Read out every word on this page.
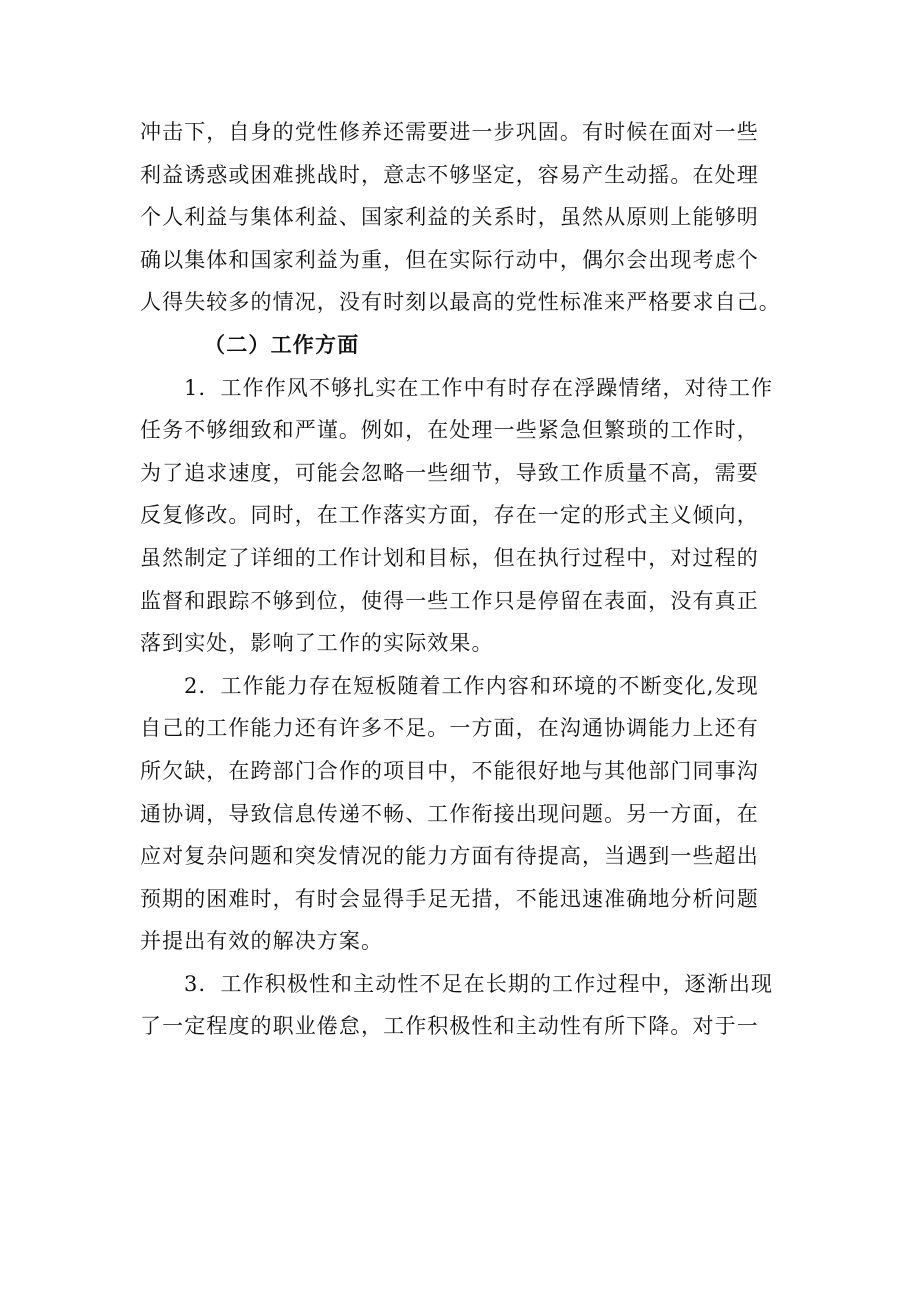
冲击下，自身的党性修养还需要进一步巩固。有时候在面对一些
利益诱惑或困难挑战时，意志不够坚定，容易产生动摇。在处理
个人利益与集体利益、国家利益的关系时，虽然从原则上能够明
确以集体和国家利益为重，但在实际行动中，偶尔会出现考虑个
人得失较多的情况，没有时刻以最高的党性标准来严格要求自己。
（二）工作方面
1．工作作风不够扎实在工作中有时存在浮躁情绪，对待工作
任务不够细致和严谨。例如，在处理一些紧急但繁琐的工作时，
为了追求速度，可能会忽略一些细节，导致工作质量不高，需要
反复修改。同时，在工作落实方面，存在一定的形式主义倾向，
虽然制定了详细的工作计划和目标，但在执行过程中，对过程的
监督和跟踪不够到位，使得一些工作只是停留在表面，没有真正
落到实处，影响了工作的实际效果。
2．工作能力存在短板随着工作内容和环境的不断变化,发现
自己的工作能力还有许多不足。一方面，在沟通协调能力上还有
所欠缺，在跨部门合作的项目中，不能很好地与其他部门同事沟
通协调，导致信息传递不畅、工作衔接出现问题。另一方面，在
应对复杂问题和突发情况的能力方面有待提高，当遇到一些超出
预期的困难时，有时会显得手足无措，不能迅速准确地分析问题
并提出有效的解决方案。
3．工作积极性和主动性不足在长期的工作过程中，逐渐出现
了一定程度的职业倦怠，工作积极性和主动性有所下降。对于一
